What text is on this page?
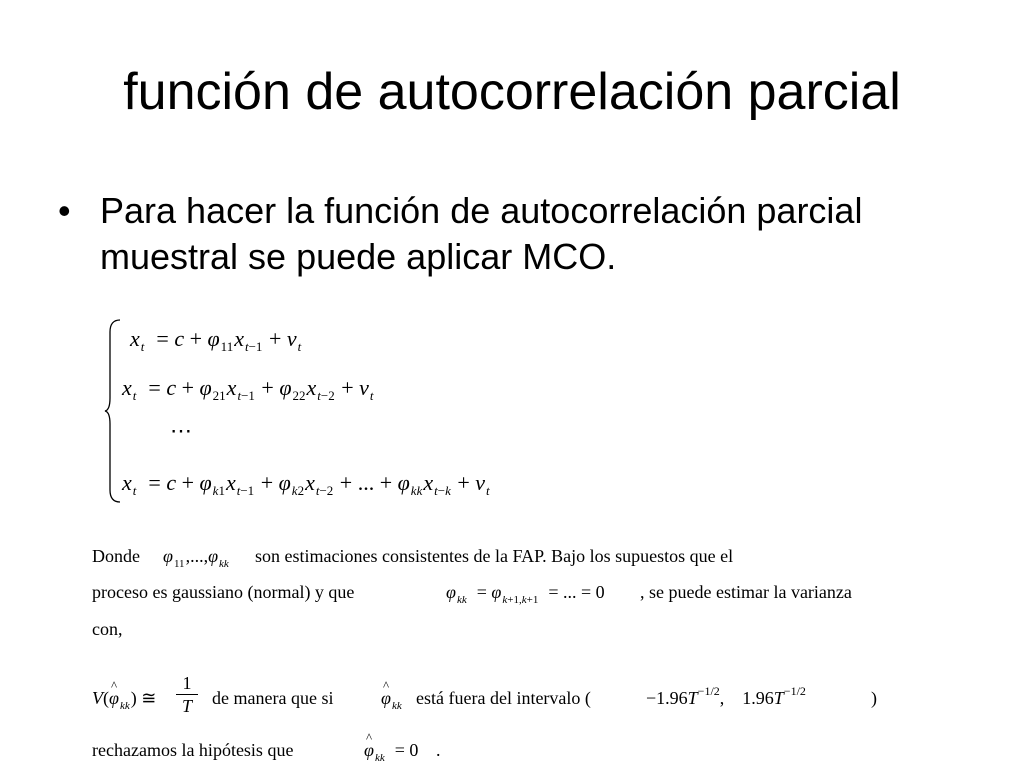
función de autocorrelación parcial
• Para hacer la función de autocorrelación parcial muestral se puede aplicar MCO.
$x_t = c + \varphi_{11}x_{t-1} + v_t$
$x_t = c + \varphi_{21}x_{t-1} + \varphi_{22}x_{t-2} + v_t$
⋯
$x_t = c + \varphi_{k1}x_{t-1} + \varphi_{k2}x_{t-2}$ + ... + $\varphi_{kk}x_{t-k} + v_t$
Donde $\varphi_{11},...,\varphi_{kk}$ son estimaciones consistentes de la FAP. Bajo los supuestos que el
proceso es gaussiano (normal) y que	$\varphi_{kk} = \varphi_{k+1,k+1}$  = ... = 0 , se puede estimar la varianza
con,
V(^ $\varphi_{kk}$) ≅ $\frac{1}{T}$ de manera que si	^ $\varphi_{kk}$ está fuera del intervalo (	$-1.96T^{-1/2}$,    $1.96T^{-1/2}$	)
rechazamos la hipótesis que	^ $\varphi_{kk} = 0$ .
